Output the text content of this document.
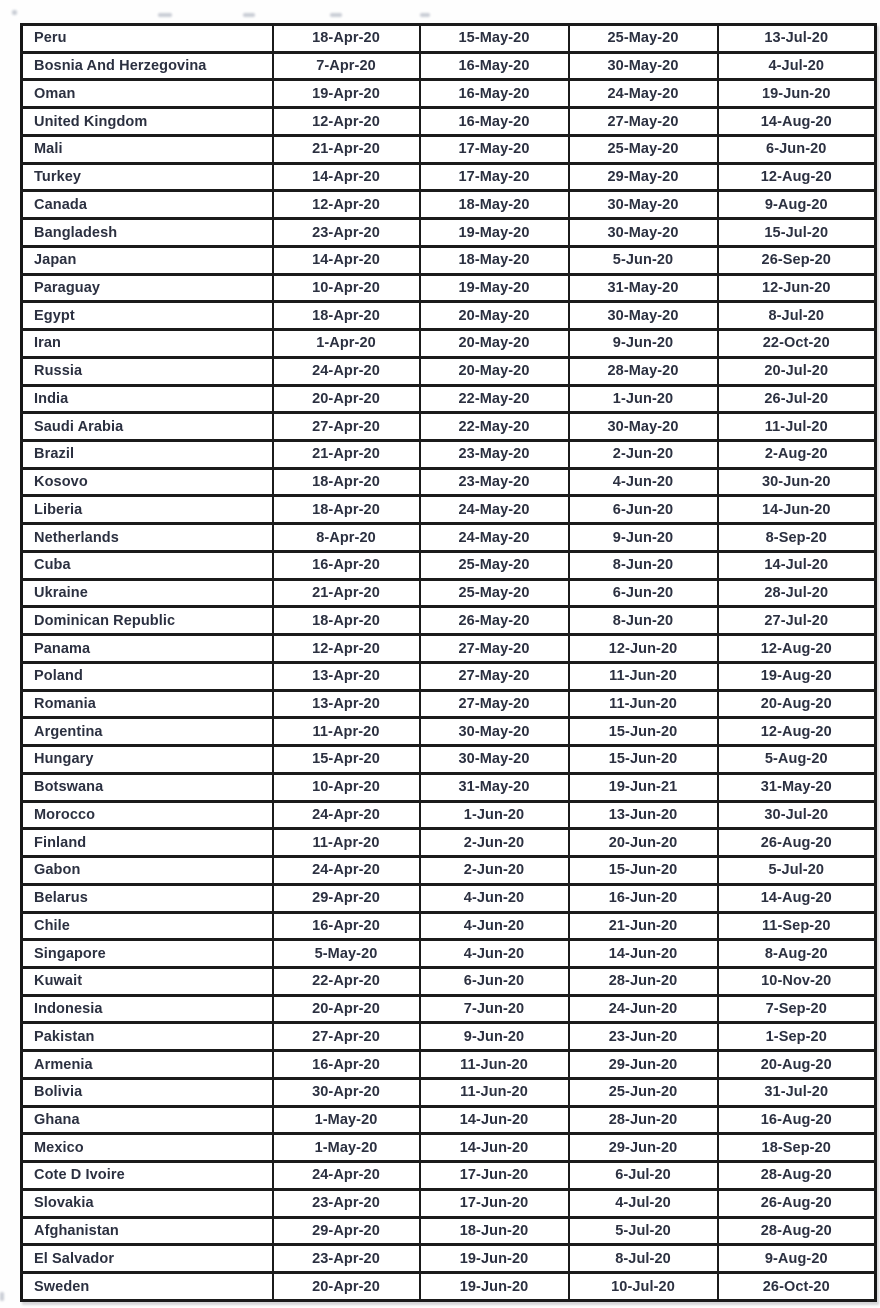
Peru	18-Apr-20	15-May-20	25-May-20	13-Jul-20
Bosnia And Herzegovina	7-Apr-20	16-May-20	30-May-20	4-Jul-20
Oman	19-Apr-20	16-May-20	24-May-20	19-Jun-20
United Kingdom	12-Apr-20	16-May-20	27-May-20	14-Aug-20
Mali	21-Apr-20	17-May-20	25-May-20	6-Jun-20
Turkey	14-Apr-20	17-May-20	29-May-20	12-Aug-20
Canada	12-Apr-20	18-May-20	30-May-20	9-Aug-20
Bangladesh	23-Apr-20	19-May-20	30-May-20	15-Jul-20
Japan	14-Apr-20	18-May-20	5-Jun-20	26-Sep-20
Paraguay	10-Apr-20	19-May-20	31-May-20	12-Jun-20
Egypt	18-Apr-20	20-May-20	30-May-20	8-Jul-20
Iran	1-Apr-20	20-May-20	9-Jun-20	22-Oct-20
Russia	24-Apr-20	20-May-20	28-May-20	20-Jul-20
India	20-Apr-20	22-May-20	1-Jun-20	26-Jul-20
Saudi Arabia	27-Apr-20	22-May-20	30-May-20	11-Jul-20
Brazil	21-Apr-20	23-May-20	2-Jun-20	2-Aug-20
Kosovo	18-Apr-20	23-May-20	4-Jun-20	30-Jun-20
Liberia	18-Apr-20	24-May-20	6-Jun-20	14-Jun-20
Netherlands	8-Apr-20	24-May-20	9-Jun-20	8-Sep-20
Cuba	16-Apr-20	25-May-20	8-Jun-20	14-Jul-20
Ukraine	21-Apr-20	25-May-20	6-Jun-20	28-Jul-20
Dominican Republic	18-Apr-20	26-May-20	8-Jun-20	27-Jul-20
Panama	12-Apr-20	27-May-20	12-Jun-20	12-Aug-20
Poland	13-Apr-20	27-May-20	11-Jun-20	19-Aug-20
Romania	13-Apr-20	27-May-20	11-Jun-20	20-Aug-20
Argentina	11-Apr-20	30-May-20	15-Jun-20	12-Aug-20
Hungary	15-Apr-20	30-May-20	15-Jun-20	5-Aug-20
Botswana	10-Apr-20	31-May-20	19-Jun-21	31-May-20
Morocco	24-Apr-20	1-Jun-20	13-Jun-20	30-Jul-20
Finland	11-Apr-20	2-Jun-20	20-Jun-20	26-Aug-20
Gabon	24-Apr-20	2-Jun-20	15-Jun-20	5-Jul-20
Belarus	29-Apr-20	4-Jun-20	16-Jun-20	14-Aug-20
Chile	16-Apr-20	4-Jun-20	21-Jun-20	11-Sep-20
Singapore	5-May-20	4-Jun-20	14-Jun-20	8-Aug-20
Kuwait	22-Apr-20	6-Jun-20	28-Jun-20	10-Nov-20
Indonesia	20-Apr-20	7-Jun-20	24-Jun-20	7-Sep-20
Pakistan	27-Apr-20	9-Jun-20	23-Jun-20	1-Sep-20
Armenia	16-Apr-20	11-Jun-20	29-Jun-20	20-Aug-20
Bolivia	30-Apr-20	11-Jun-20	25-Jun-20	31-Jul-20
Ghana	1-May-20	14-Jun-20	28-Jun-20	16-Aug-20
Mexico	1-May-20	14-Jun-20	29-Jun-20	18-Sep-20
Cote D Ivoire	24-Apr-20	17-Jun-20	6-Jul-20	28-Aug-20
Slovakia	23-Apr-20	17-Jun-20	4-Jul-20	26-Aug-20
Afghanistan	29-Apr-20	18-Jun-20	5-Jul-20	28-Aug-20
El Salvador	23-Apr-20	19-Jun-20	8-Jul-20	9-Aug-20
Sweden	20-Apr-20	19-Jun-20	10-Jul-20	26-Oct-20
